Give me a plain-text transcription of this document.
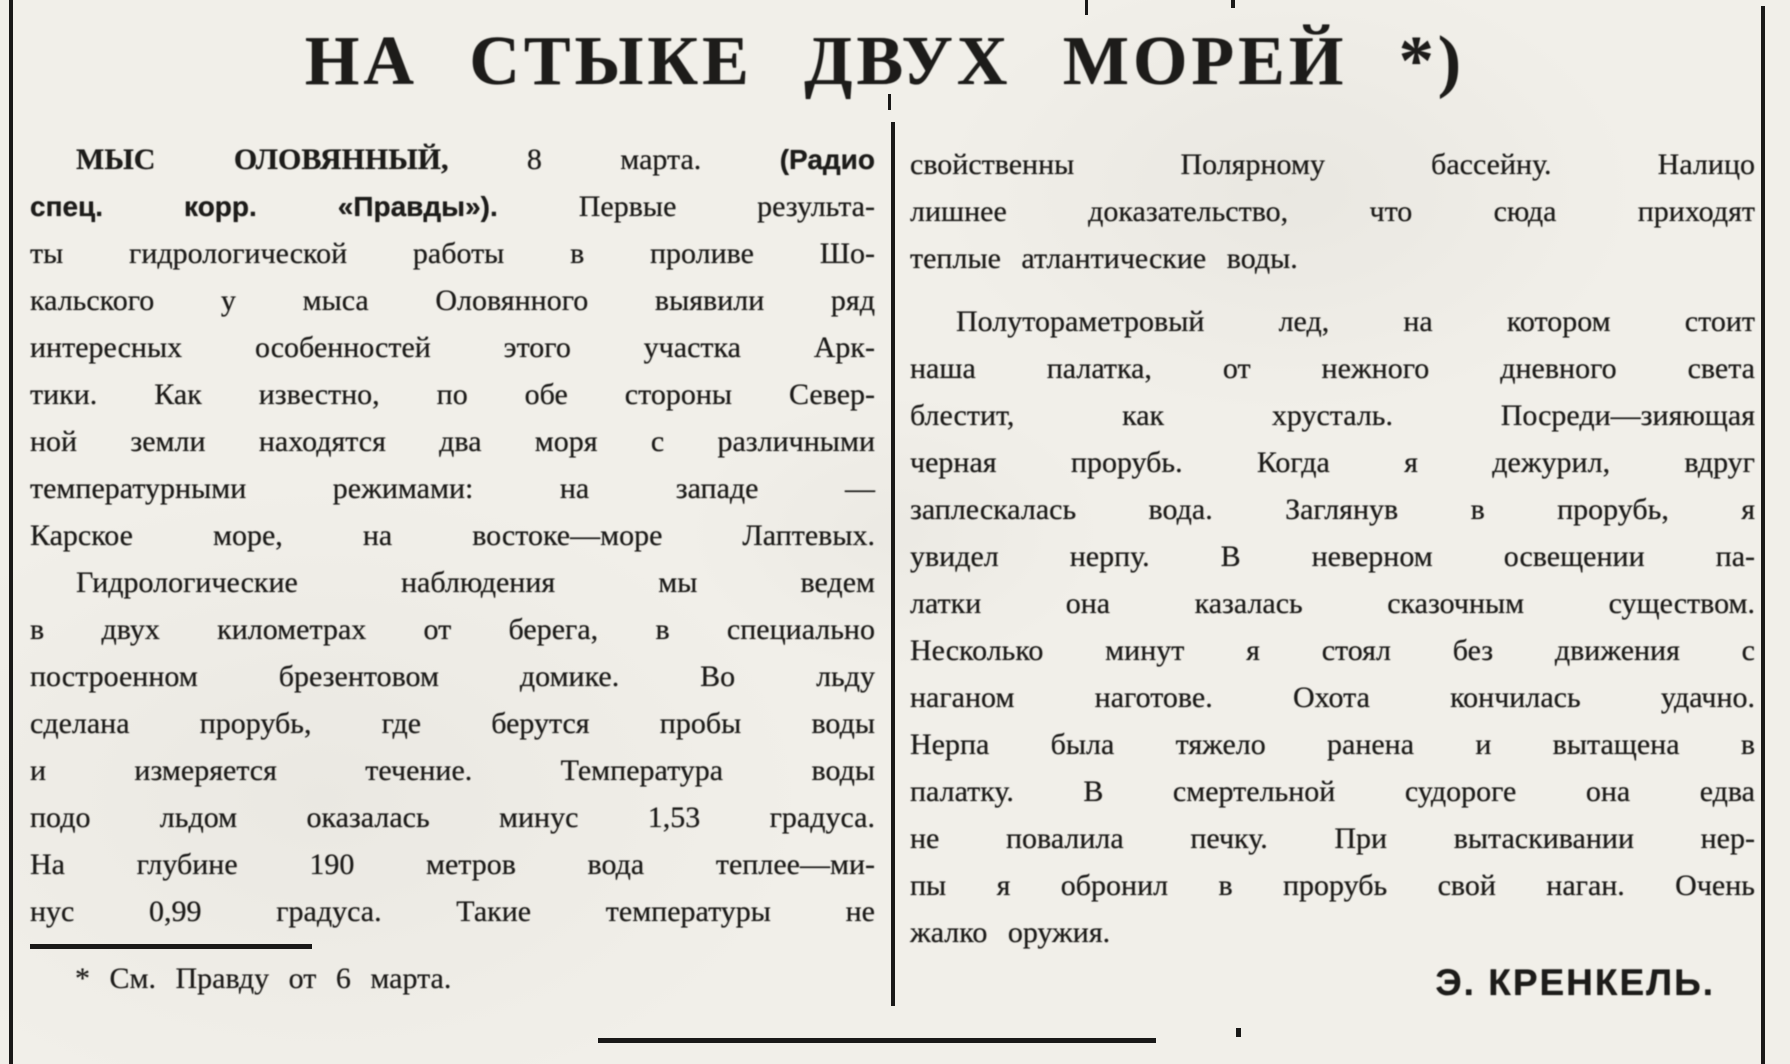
НА СТЫКЕ ДВУХ МОРЕЙ *)
МЫС ОЛОВЯННЫЙ, 8 марта. (Радио
спец. корр. «Правды»). Первые результа-
ты гидрологической работы в проливе Шо-
кальского у мыса Оловянного выявили ряд
интересных особенностей этого участка Арк-
тики. Как известно, по обе стороны Север-
ной земли находятся два моря с различными
температурными режимами: на западе —
Карское море, на востоке—море Лаптевых.
Гидрологические наблюдения мы ведем
в двух километрах от берега, в специально
построенном брезентовом домике. Во льду
сделана прорубь, где берутся пробы воды
и измеряется течение. Температура воды
подо льдом оказалась минус 1,53 градуса.
На глубине 190 метров вода теплее—ми-
нус 0,99 градуса. Такие температуры не
свойственны Полярному бассейну. Налицо
лишнее доказательство, что сюда приходят
теплые атлантические воды.
Полутораметровый лед, на котором стоит
наша палатка, от нежного дневного света
блестит, как хрусталь. Посреди—зияющая
черная прорубь. Когда я дежурил, вдруг
заплескалась вода. Заглянув в прорубь, я
увидел нерпу. В неверном освещении па-
латки она казалась сказочным существом.
Несколько минут я стоял без движения с
наганом наготове. Охота кончилась удачно.
Нерпа была тяжело ранена и вытащена в
палатку. В смертельной судороге она едва
не повалила печку. При вытаскивании нер-
пы я обронил в прорубь свой наган. Очень
жалко оружия.
* См. Правду от 6 марта.	Э. КРЕНКЕЛЬ.
